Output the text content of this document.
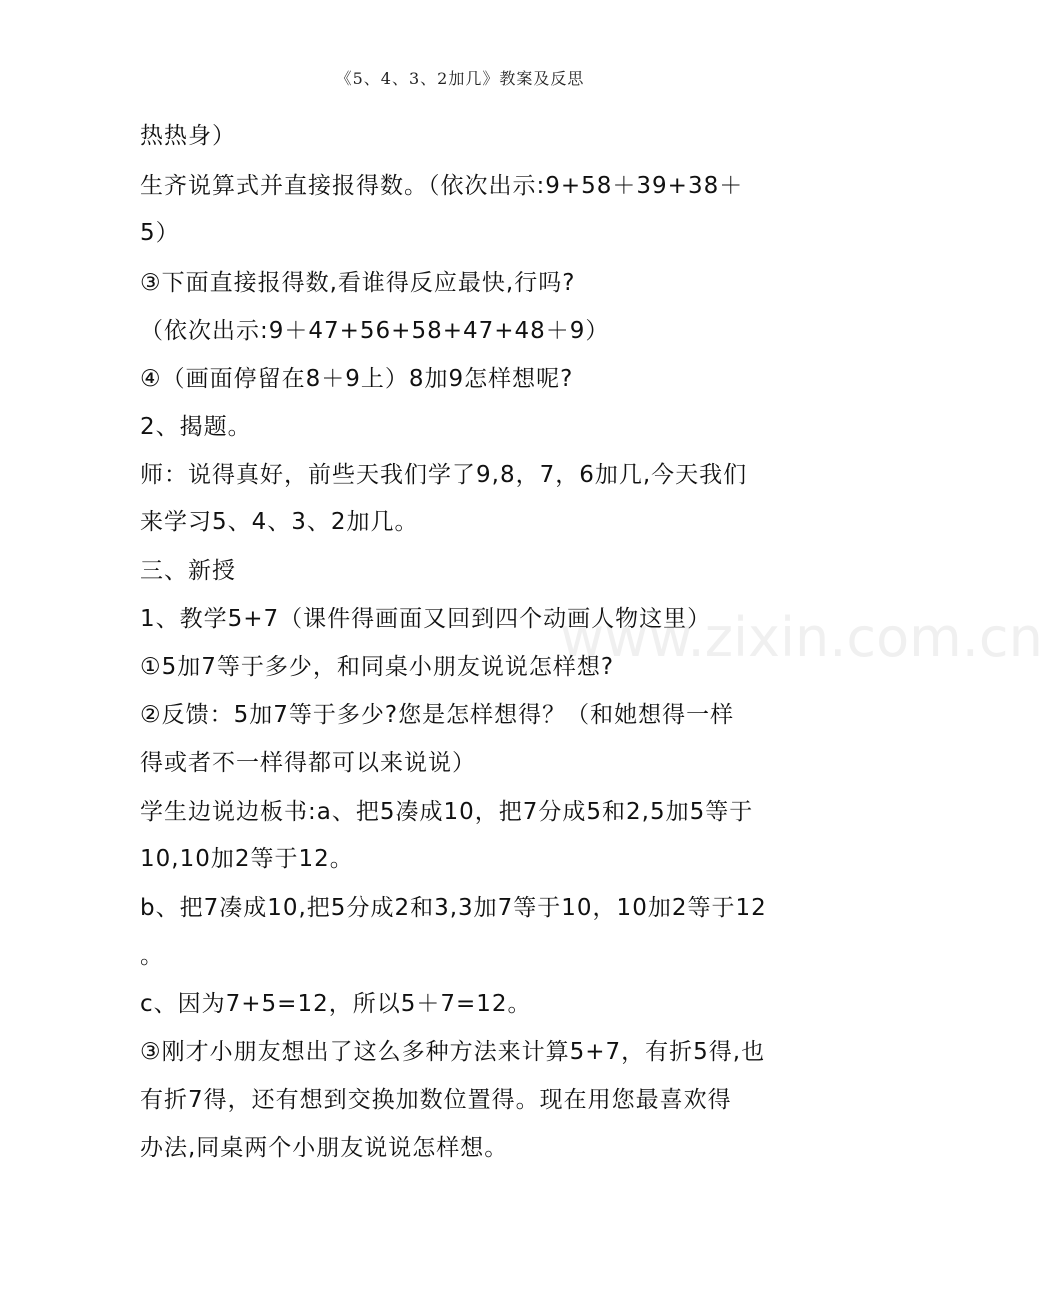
《5、4、3、2加几》教案及反思
www.zixin.com.cn
热热身）
生齐说算式并直接报得数。（依次出示:9+58＋39+38＋
5）
③下面直接报得数,看谁得反应最快,行吗?
（依次出示:9＋47+56+58+47+48＋9）
④（画面停留在8＋9上）8加9怎样想呢?
2、揭题。
师：说得真好，前些天我们学了9,8，7，6加几,今天我们
来学习5、4、3、2加几。
三、新授
1、教学5+7（课件得画面又回到四个动画人物这里）
①5加7等于多少，和同桌小朋友说说怎样想?
②反馈：5加7等于多少?您是怎样想得？（和她想得一样
得或者不一样得都可以来说说）
学生边说边板书:a、把5凑成10，把7分成5和2,5加5等于
10,10加2等于12。
b、把7凑成10,把5分成2和3,3加7等于10，10加2等于12
。
c、因为7+5=12，所以5＋7=12。
③刚才小朋友想出了这么多种方法来计算5+7，有折5得,也
有折7得，还有想到交换加数位置得。现在用您最喜欢得
办法,同桌两个小朋友说说怎样想。
